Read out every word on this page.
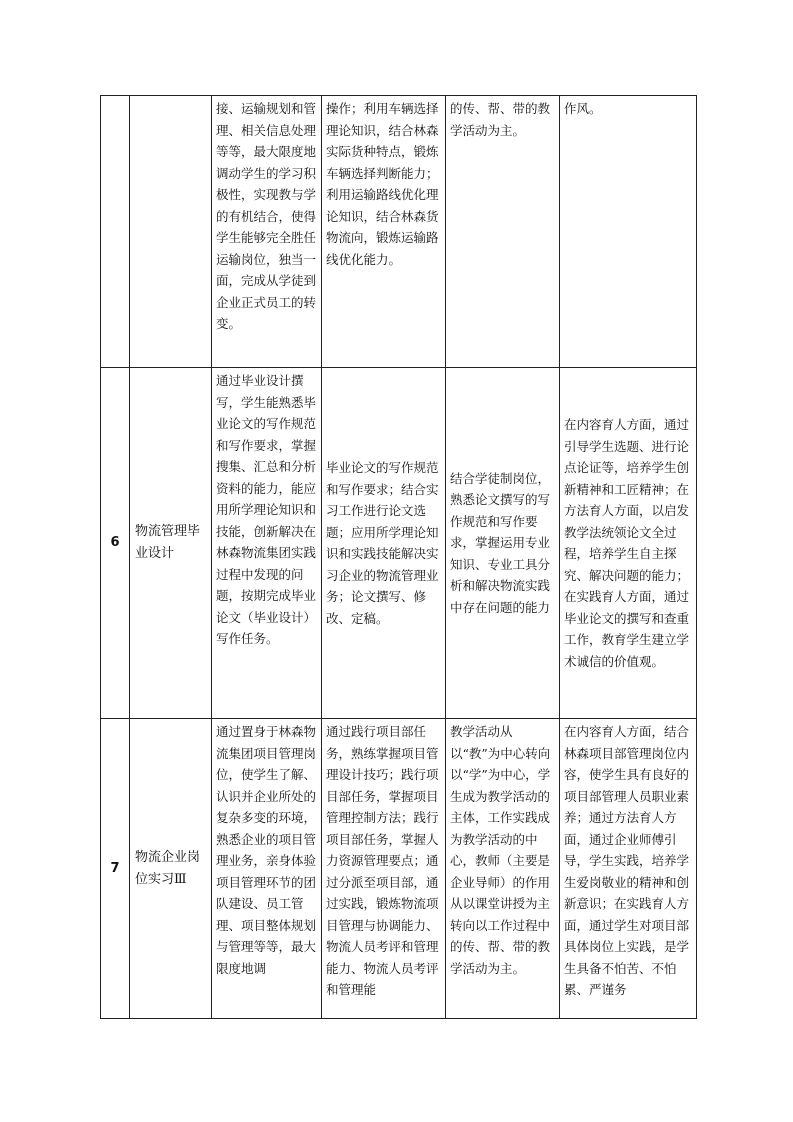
		接、运输规划和管理、相关信息处理等等，最大限度地调动学生的学习积极性，实现教与学的有机结合，使得学生能够完全胜任运输岗位，独当一面，完成从学徒到企业正式员工的转变。	操作；利用车辆选择理论知识，结合林森实际货种特点，锻炼车辆选择判断能力；利用运输路线优化理论知识，结合林森货物流向，锻炼运输路线优化能力。	的传、帮、带的教学活动为主。	作风。
6	物流管理毕业设计	通过毕业设计撰写，学生能熟悉毕业论文的写作规范和写作要求，掌握搜集、汇总和分析资料的能力，能应用所学理论知识和技能，创新解决在林森物流集团实践过程中发现的问题，按期完成毕业论文（毕业设计）写作任务。	毕业论文的写作规范和写作要求；结合实习工作进行论文选题；应用所学理论知识和实践技能解决实习企业的物流管理业务；论文撰写、修改、定稿。	结合学徒制岗位，熟悉论文撰写的写作规范和写作要求，掌握运用专业知识、专业工具分析和解决物流实践中存在问题的能力	在内容育人方面，通过引导学生选题、进行论点论证等，培养学生创新精神和工匠精神；在方法育人方面，以启发教学法统领论文全过程，培养学生自主探究、解决问题的能力；在实践育人方面，通过毕业论文的撰写和查重工作，教育学生建立学术诚信的价值观。
7	物流企业岗位实习Ⅲ	通过置身于林森物流集团项目管理岗位，使学生了解、认识并企业所处的复杂多变的环境，熟悉企业的项目管理业务，亲身体验项目管理环节的团队建设、员工管理、项目整体规划与管理等等，最大限度地调	通过践行项目部任务，熟练掌握项目管理设计技巧；践行项目部任务，掌握项目管理控制方法；践行项目部任务，掌握人力资源管理要点；通过分派至项目部，通过实践，锻炼物流项目管理与协调能力、物流人员考评和管理能力、物流人员考评和管理能	教学活动从以“教”为中心转向以“学”为中心，学生成为教学活动的主体，工作实践成为教学活动的中心，教师（主要是企业导师）的作用从以课堂讲授为主转向以工作过程中的传、帮、带的教学活动为主。	在内容育人方面，结合林森项目部管理岗位内容，使学生具有良好的项目部管理人员职业素养；通过方法育人方面，通过企业师傅引导，学生实践，培养学生爱岗敬业的精神和创新意识；在实践育人方面，通过学生对项目部具体岗位上实践，是学生具备不怕苦、不怕累、严谨务
